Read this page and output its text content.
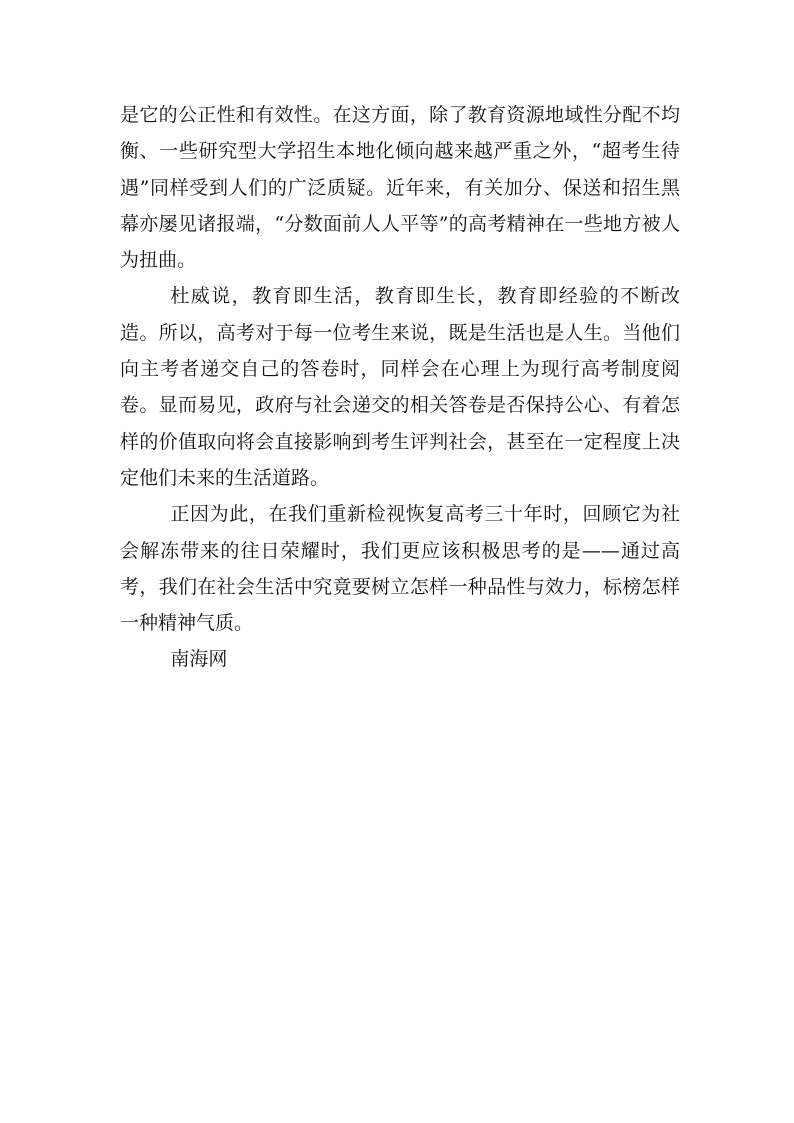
是它的公正性和有效性。在这方面，除了教育资源地域性分配不均衡、一些研究型大学招生本地化倾向越来越严重之外，“超考生待遇”同样受到人们的广泛质疑。近年来，有关加分、保送和招生黑幕亦屡见诸报端，“分数面前人人平等”的高考精神在一些地方被人为扭曲。

杜威说，教育即生活，教育即生长，教育即经验的不断改造。所以，高考对于每一位考生来说，既是生活也是人生。当他们向主考者递交自己的答卷时，同样会在心理上为现行高考制度阅卷。显而易见，政府与社会递交的相关答卷是否保持公心、有着怎样的价值取向将会直接影响到考生评判社会，甚至在一定程度上决定他们未来的生活道路。

正因为此，在我们重新检视恢复高考三十年时，回顾它为社会解冻带来的往日荣耀时，我们更应该积极思考的是——通过高考，我们在社会生活中究竟要树立怎样一种品性与效力，标榜怎样一种精神气质。

南海网
